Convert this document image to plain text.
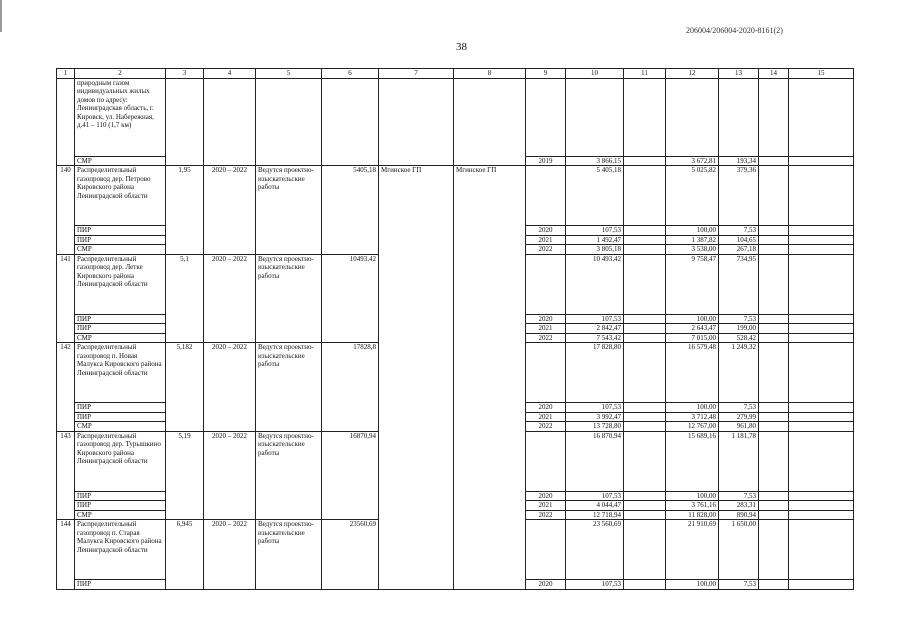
206004/206004-2020-8161(2)
38
1	2	3	4	5	6	7	8	9	10	11	12	13	14	15
	природным газом индивидуальных жилых домов по адресу: Ленинградская область, г. Кировск, ул. Набережная, д.41 – 110 (1,7 км)													
	СМР							2019	3 866,15		3 672,81	193,34		
140	Распределительный газопровод дер. Петрово Кировского района Ленинградской области	1,95	2020 – 2022	Ведутся проектно-изыскательские работы	5405,18	Мгинское ГП	Мгинское ГП		5 405,18		5 025,82	379,36		
	ПИР							2020	107,53		100,00	7,53		
	ПИР							2021	1 492,47		1 387,82	104,65		
	СМР							2022	3 805,18		3 538,00	267,18		
141	Распределительный газопровод дер. Летке Кировского района Ленинградской области	5,1	2020 – 2022	Ведутся проектно-изыскательские работы	10493,42				10 493,42		9 758,47	734,95		
	ПИР							2020	107,53		100,00	7,53		
	ПИР							2021	2 842,47		2 643,47	199,00		
	СМР							2022	7 543,42		7 015,00	528,42		
142	Распределительный газопровод п. Новая Малукса Кировского района Ленинградской области	5,182	2020 – 2022	Ведутся проектно-изыскательские работы	17828,8				17 828,80		16 579,48	1 249,32		
	ПИР							2020	107,53		100,00	7,53		
	ПИР							2021	3 992,47		3 712,48	279,99		
	СМР							2022	13 728,80		12 767,00	961,80		
143	Распределительный газопровод дер. Турышкино Кировского района Ленинградской области	5,19	2020 – 2022	Ведутся проектно-изыскательские работы	16870,94				16 870,94		15 689,16	1 181,78		
	ПИР							2020	107,53		100,00	7,53		
	ПИР							2021	4 044,47		3 761,16	283,31		
	СМР							2022	12 718,94		11 828,00	890,94		
144	Распределительный газопровод п. Старая Малукса Кировского района Ленинградской области	6,945	2020 – 2022	Ведутся проектно-изыскательские работы	23560,69				23 560,69		21 910,69	1 650,00		
	ПИР							2020	107,53		100,00	7,53		
